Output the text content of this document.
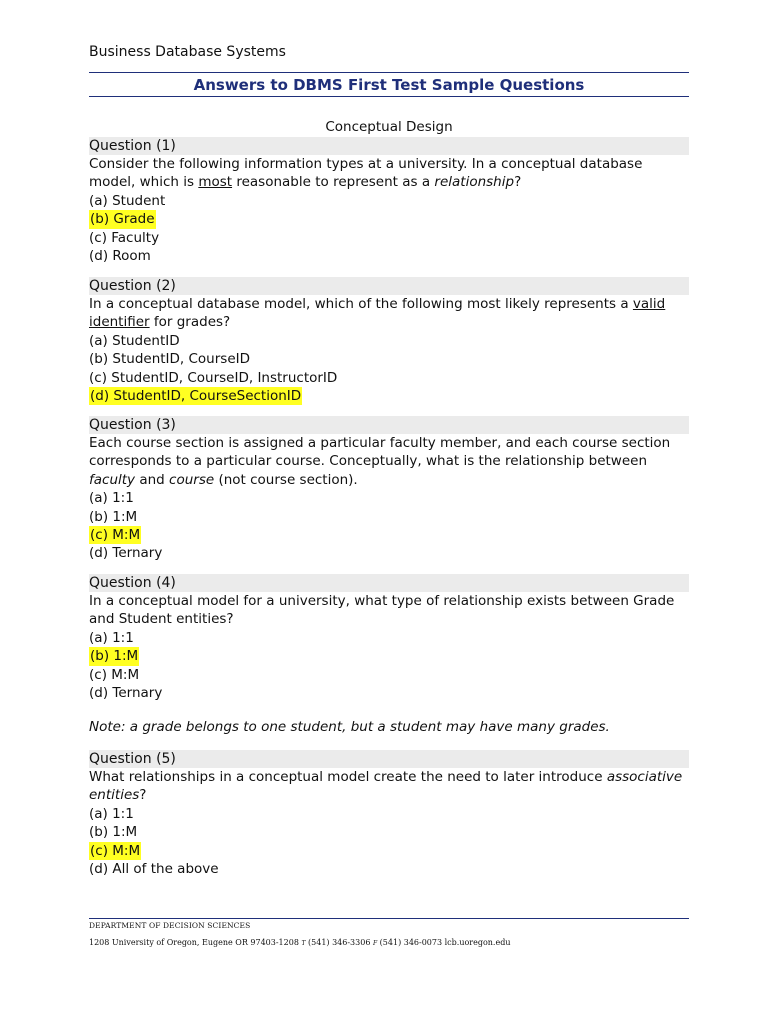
Business Database Systems
Answers to DBMS First Test Sample Questions
Conceptual Design
Question (1)
Consider the following information types at a university. In a conceptual database
model, which is most reasonable to represent as a relationship?
(a) Student
(b) Grade
(c) Faculty
(d) Room
Question (2)
In a conceptual database model, which of the following most likely represents a valid
identifier for grades?
(a) StudentID
(b) StudentID, CourseID
(c) StudentID, CourseID, InstructorID
(d) StudentID, CourseSectionID
Question (3)
Each course section is assigned a particular faculty member, and each course section
corresponds to a particular course. Conceptually, what is the relationship between
faculty and course (not course section).
(a) 1:1
(b) 1:M
(c) M:M
(d) Ternary
Question (4)
In a conceptual model for a university, what type of relationship exists between Grade
and Student entities?
(a) 1:1
(b) 1:M
(c) M:M
(d) Ternary
Note: a grade belongs to one student, but a student may have many grades.
Question (5)
What relationships in a conceptual model create the need to later introduce associative
entities?
(a) 1:1
(b) 1:M
(c) M:M
(d) All of the above
DEPARTMENT OF DECISION SCIENCES
1208 University of Oregon, Eugene OR 97403-1208 T (541) 346-3306 F (541) 346-0073 lcb.uoregon.edu
